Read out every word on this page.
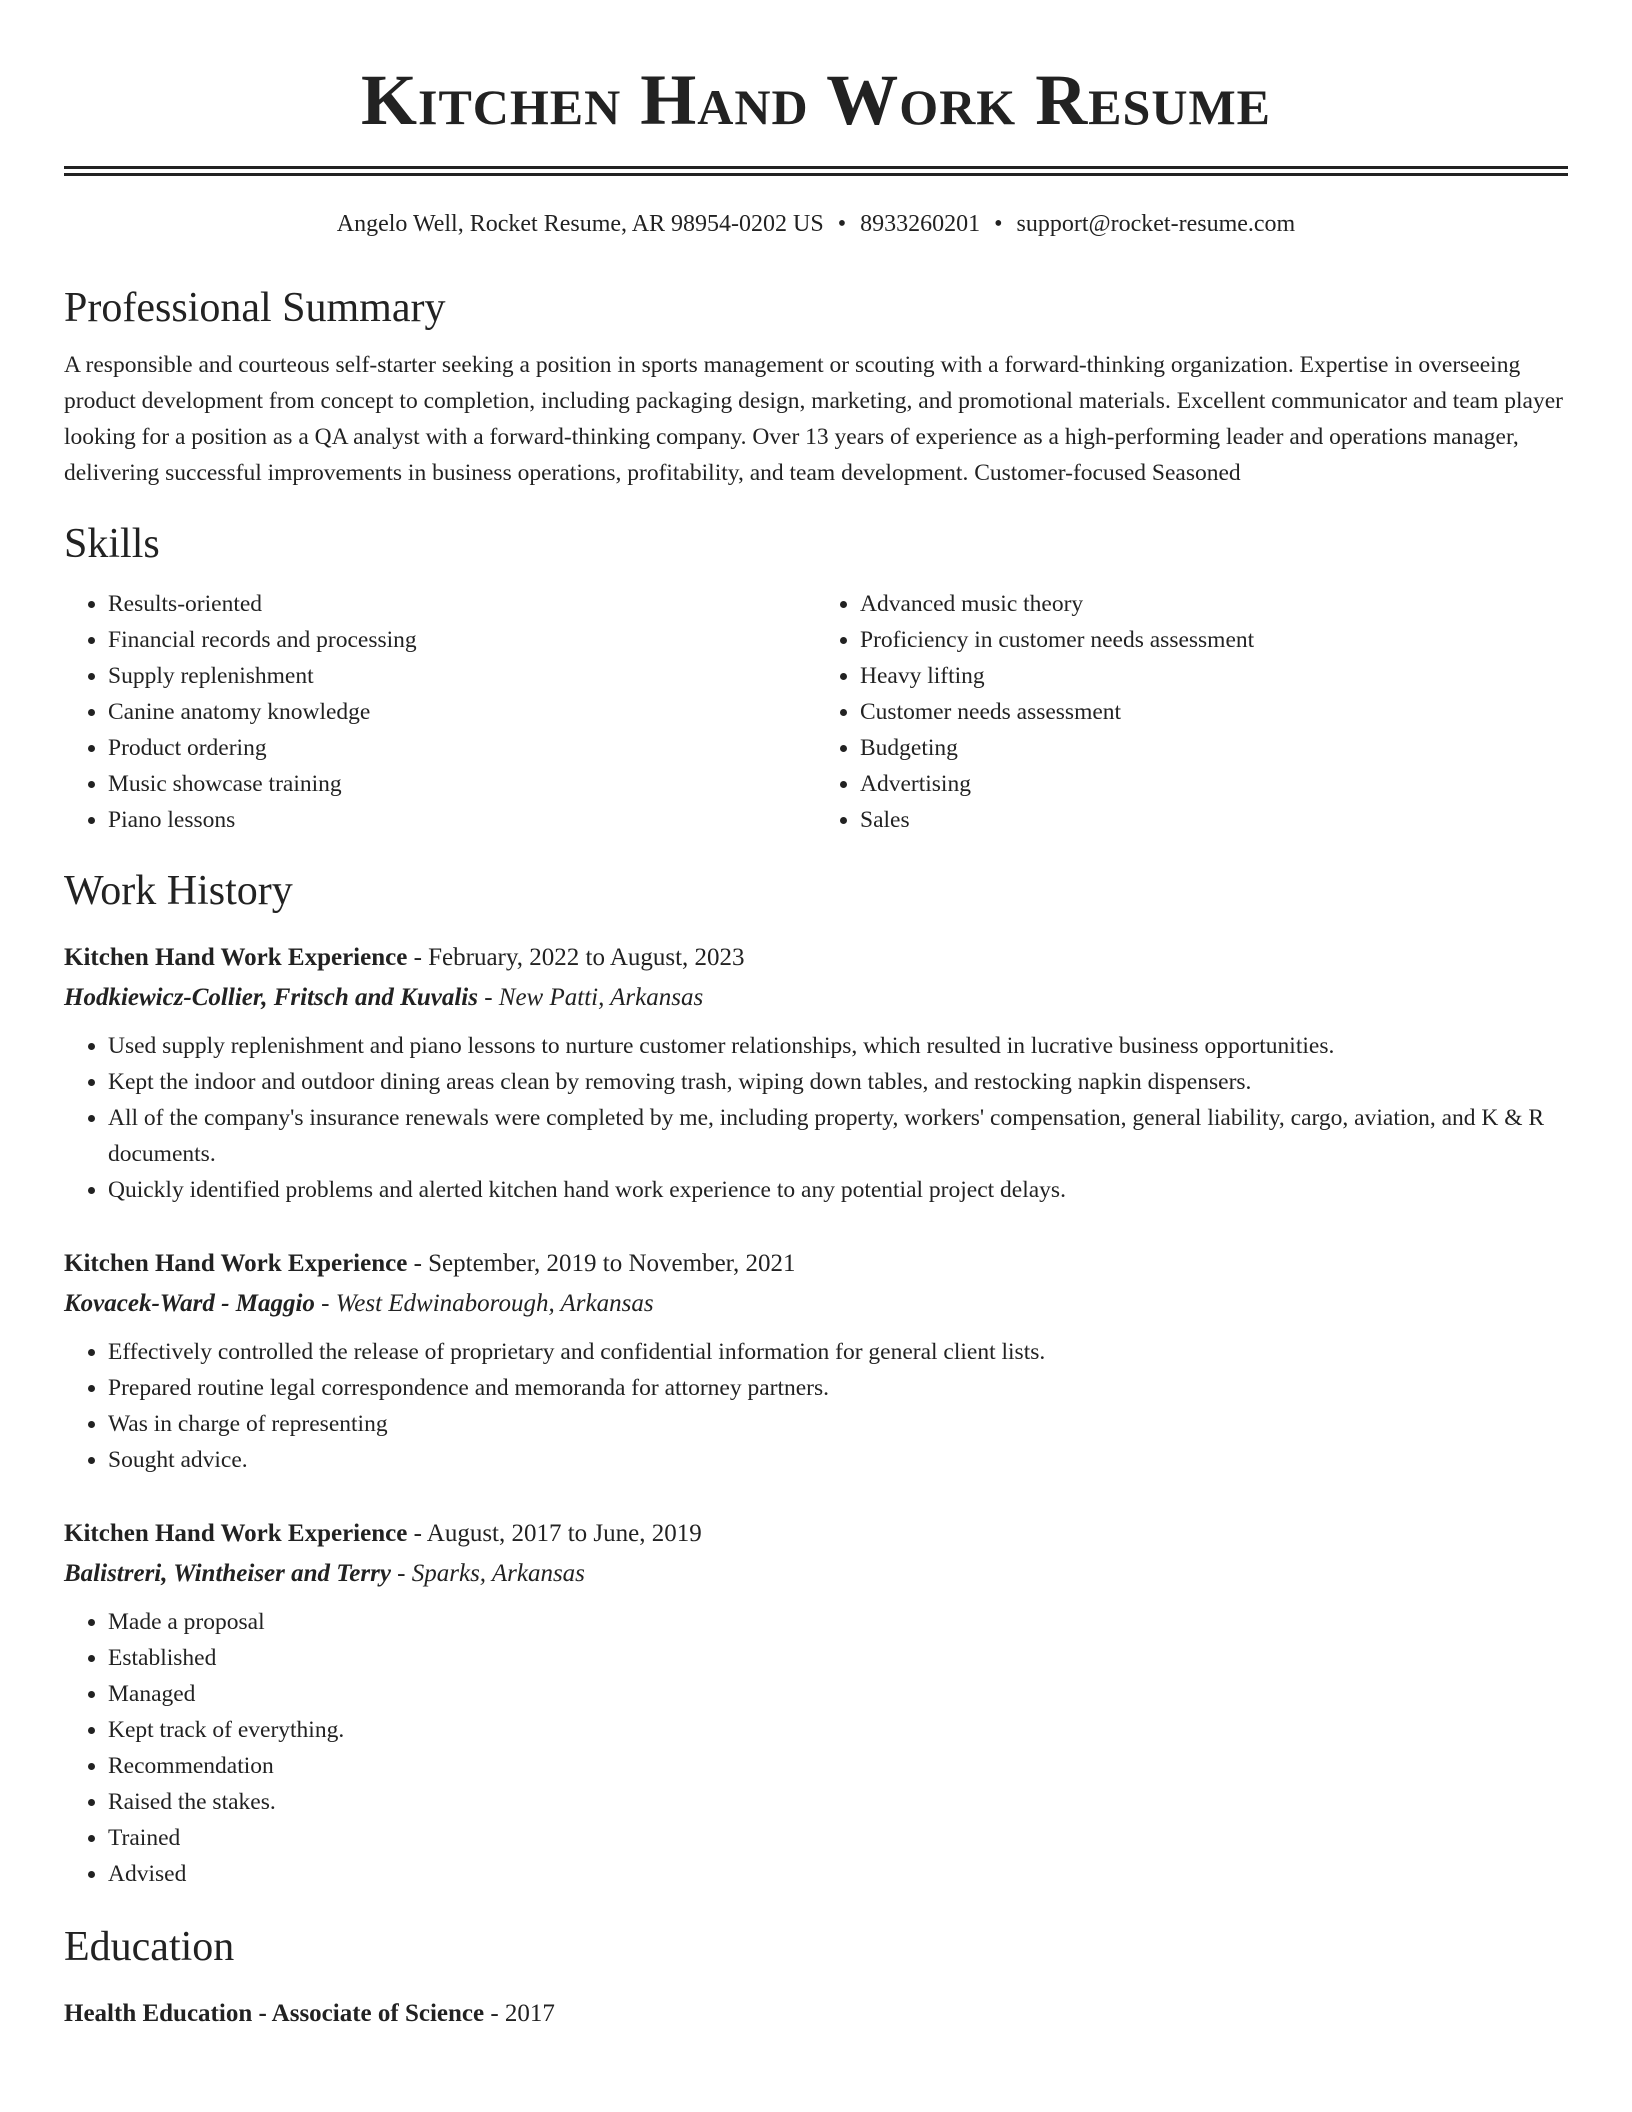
Kitchen Hand Work Resume
Angelo Well, Rocket Resume, AR 98954-0202 US • 8933260201 • support@rocket-resume.com
Professional Summary
A responsible and courteous self-starter seeking a position in sports management or scouting with a forward-thinking organization. Expertise in overseeing product development from concept to completion, including packaging design, marketing, and promotional materials. Excellent communicator and team player looking for a position as a QA analyst with a forward-thinking company. Over 13 years of experience as a high-performing leader and operations manager, delivering successful improvements in business operations, profitability, and team development. Customer-focused Seasoned
Skills
• Results-oriented
• Financial records and processing
• Supply replenishment
• Canine anatomy knowledge
• Product ordering
• Music showcase training
• Piano lessons
• Advanced music theory
• Proficiency in customer needs assessment
• Heavy lifting
• Customer needs assessment
• Budgeting
• Advertising
• Sales
Work History
Kitchen Hand Work Experience - February, 2022 to August, 2023
Hodkiewicz-Collier, Fritsch and Kuvalis - New Patti, Arkansas
• Used supply replenishment and piano lessons to nurture customer relationships, which resulted in lucrative business opportunities.
• Kept the indoor and outdoor dining areas clean by removing trash, wiping down tables, and restocking napkin dispensers.
• All of the company's insurance renewals were completed by me, including property, workers' compensation, general liability, cargo, aviation, and K & R documents.
• Quickly identified problems and alerted kitchen hand work experience to any potential project delays.
Kitchen Hand Work Experience - September, 2019 to November, 2021
Kovacek-Ward - Maggio - West Edwinaborough, Arkansas
• Effectively controlled the release of proprietary and confidential information for general client lists.
• Prepared routine legal correspondence and memoranda for attorney partners.
• Was in charge of representing
• Sought advice.
Kitchen Hand Work Experience - August, 2017 to June, 2019
Balistreri, Wintheiser and Terry - Sparks, Arkansas
• Made a proposal
• Established
• Managed
• Kept track of everything.
• Recommendation
• Raised the stakes.
• Trained
• Advised
Education
Health Education - Associate of Science - 2017
